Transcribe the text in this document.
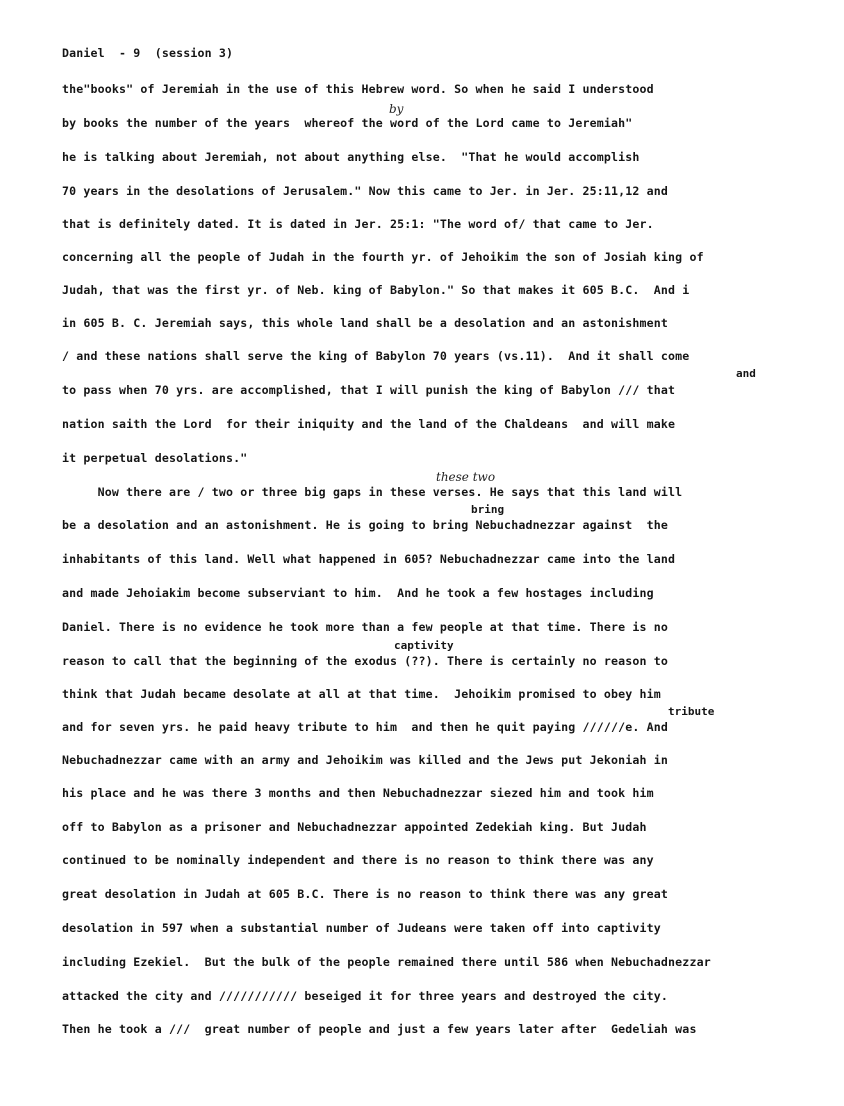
Daniel  - 9  (session 3)
the"books" of Jeremiah in the use of this Hebrew word. So when he said I understood
by books the number of the years  whereof the word of the Lord came to Jeremiah"
he is talking about Jeremiah, not about anything else.  "That he would accomplish
70 years in the desolations of Jerusalem." Now this came to Jer. in Jer. 25:11,12 and
that is definitely dated. It is dated in Jer. 25:1: "The word of/ that came to Jer.
concerning all the people of Judah in the fourth yr. of Jehoikim the son of Josiah king of
Judah, that was the first yr. of Neb. king of Babylon." So that makes it 605 B.C.  And i
in 605 B. C. Jeremiah says, this whole land shall be a desolation and an astonishment
/ and these nations shall serve the king of Babylon 70 years (vs.11).  And it shall come
to pass when 70 yrs. are accomplished, that I will punish the king of Babylon /// that
nation saith the Lord  for their iniquity and the land of the Chaldeans  and will make
it perpetual desolations."
Now there are / two or three big gaps in these verses. He says that this land will
be a desolation and an astonishment. He is going to bring Nebuchadnezzar against  the
inhabitants of this land. Well what happened in 605? Nebuchadnezzar came into the land
and made Jehoiakim become subserviant to him.  And he took a few hostages including
Daniel. There is no evidence he took more than a few people at that time. There is no
reason to call that the beginning of the exodus (??). There is certainly no reason to
think that Judah became desolate at all at that time.  Jehoikim promised to obey him
and for seven yrs. he paid heavy tribute to him  and then he quit paying //////e. And
Nebuchadnezzar came with an army and Jehoikim was killed and the Jews put Jekoniah in
his place and he was there 3 months and then Nebuchadnezzar siezed him and took him
off to Babylon as a prisoner and Nebuchadnezzar appointed Zedekiah king. But Judah
continued to be nominally independent and there is no reason to think there was any
great desolation in Judah at 605 B.C. There is no reason to think there was any great
desolation in 597 when a substantial number of Judeans were taken off into captivity
including Ezekiel.  But the bulk of the people remained there until 586 when Nebuchadnezzar
attacked the city and /////////// beseiged it for three years and destroyed the city.
Then he took a ///  great number of people and just a few years later after  Gedeliah was
by
and
these two
bring
captivity
tribute
